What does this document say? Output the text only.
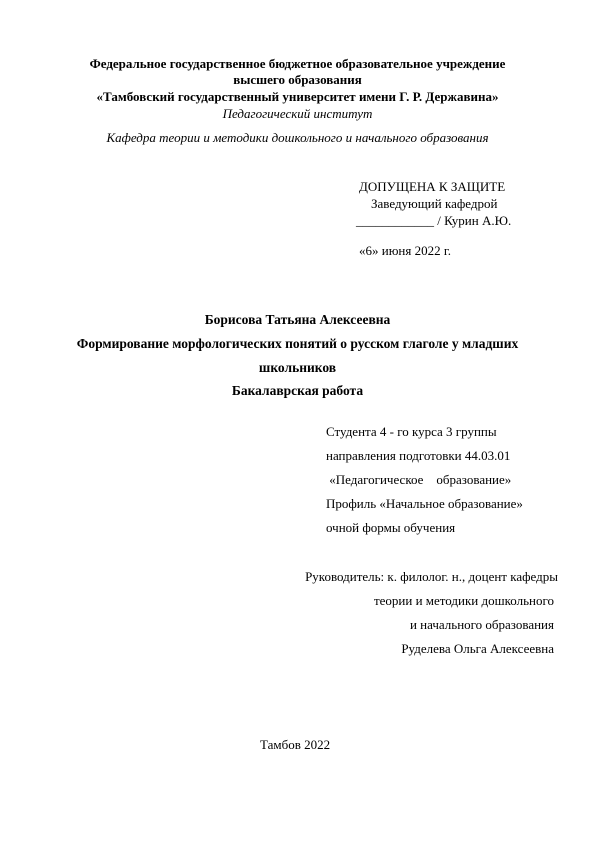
Федеральное государственное бюджетное образовательное учреждение
высшего образования
«Тамбовский государственный университет имени Г. Р. Державина»
Педагогический институт
Кафедра теории и методики дошкольного и начального образования
ДОПУЩЕНА К ЗАЩИТЕ
Заведующий кафедрой
____________ / Курин А.Ю.
«6» июня 2022 г.
Борисова Татьяна Алексеевна
Формирование морфологических понятий о русском глаголе у младших
школьников
Бакалаврская работа
Студента 4 - го курса 3 группы
направления подготовки 44.03.01
«Педагогическое    образование»
Профиль «Начальное образование»
очной формы обучения
Руководитель: к. филолог. н., доцент кафедры
теории и методики дошкольного
и начального образования
Руделева Ольга Алексеевна
Тамбов 2022
